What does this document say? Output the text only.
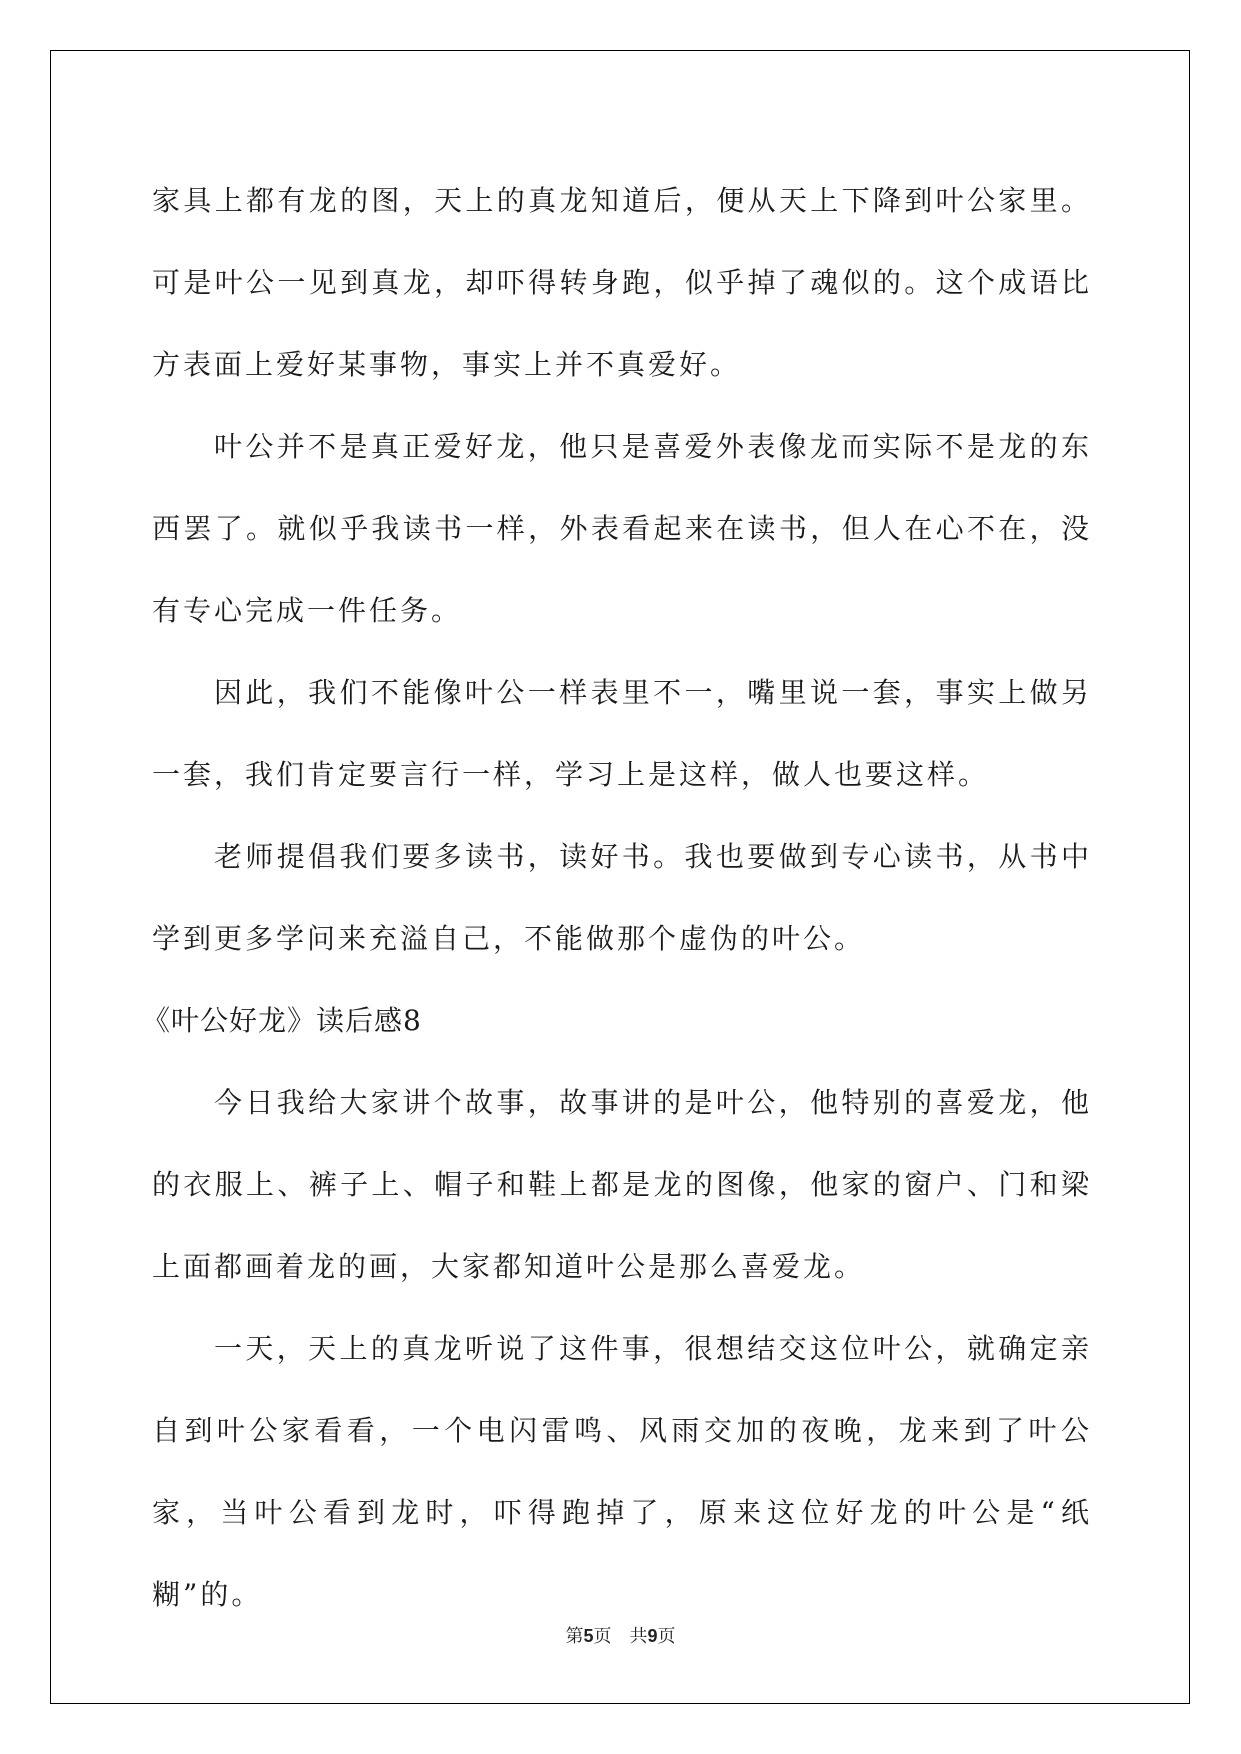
家具上都有龙的图，天上的真龙知道后，便从天上下降到叶公家里。可是叶公一见到真龙，却吓得转身跑，似乎掉了魂似的。这个成语比方表面上爱好某事物，事实上并不真爱好。

叶公并不是真正爱好龙，他只是喜爱外表像龙而实际不是龙的东西罢了。就似乎我读书一样，外表看起来在读书，但人在心不在，没有专心完成一件任务。

因此，我们不能像叶公一样表里不一，嘴里说一套，事实上做另一套，我们肯定要言行一样，学习上是这样，做人也要这样。

老师提倡我们要多读书，读好书。我也要做到专心读书，从书中学到更多学问来充溢自己，不能做那个虚伪的叶公。

《叶公好龙》读后感8

今日我给大家讲个故事，故事讲的是叶公，他特别的喜爱龙，他的衣服上、裤子上、帽子和鞋上都是龙的图像，他家的窗户、门和梁上面都画着龙的画，大家都知道叶公是那么喜爱龙。

一天，天上的真龙听说了这件事，很想结交这位叶公，就确定亲自到叶公家看看，一个电闪雷鸣、风雨交加的夜晚，龙来到了叶公家，当叶公看到龙时，吓得跑掉了，原来这位好龙的叶公是“纸糊”的。

第5页 共9页
